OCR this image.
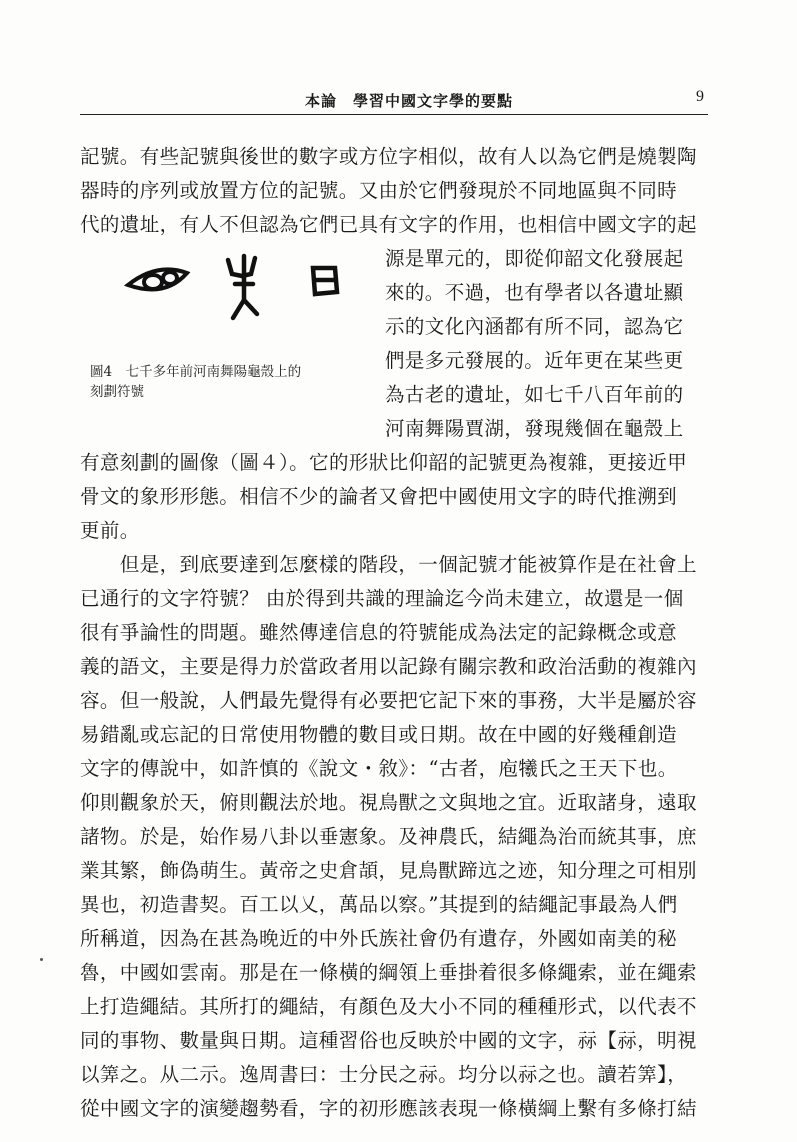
本論　學習中國文字學的要點	9
記號。有些記號與後世的數字或方位字相似，故有人以為它們是燒製陶
器時的序列或放置方位的記號。又由於它們發現於不同地區與不同時
代的遺址，有人不但認為它們已具有文字的作用，也相信中國文字的起
圖4　七千多年前河南舞陽龜殼上的
刻劃符號
源是單元的，即從仰韶文化發展起
來的。不過，也有學者以各遺址顯
示的文化內涵都有所不同，認為它
們是多元發展的。近年更在某些更
為古老的遺址，如七千八百年前的
河南舞陽賈湖，發現幾個在龜殼上
有意刻劃的圖像（圖４）。它的形狀比仰韶的記號更為複雜，更接近甲
骨文的象形形態。相信不少的論者又會把中國使用文字的時代推溯到
更前。
　　但是，到底要達到怎麼樣的階段，一個記號才能被算作是在社會上
已通行的文字符號？ 由於得到共識的理論迄今尚未建立，故還是一個
很有爭論性的問題。雖然傳達信息的符號能成為法定的記錄概念或意
義的語文，主要是得力於當政者用以記錄有關宗教和政治活動的複雜內
容。但一般說，人們最先覺得有必要把它記下來的事務，大半是屬於容
易錯亂或忘記的日常使用物體的數目或日期。故在中國的好幾種創造
文字的傳說中，如許慎的《說文・敘》：“古者，庖犧氏之王天下也。
仰則觀象於天，俯則觀法於地。視鳥獸之文與地之宜。近取諸身，遠取
諸物。於是，始作易八卦以垂憲象。及神農氏，結繩為治而統其事，庶
業其繁，飾偽萌生。黃帝之史倉頡，見鳥獸蹄迒之迹，知分理之可相別
異也，初造書契。百工以乂，萬品以察。”其提到的結繩記事最為人們
所稱道，因為在甚為晚近的中外氏族社會仍有遺存，外國如南美的秘
魯，中國如雲南。那是在一條橫的綱領上垂掛着很多條繩索，並在繩索
上打造繩結。其所打的繩結，有顏色及大小不同的種種形式，以代表不
同的事物、數量與日期。這種習俗也反映於中國的文字，祘【祘，明視
以筭之。从二示。逸周書曰：士分民之祘。均分以祘之也。讀若筭】，
從中國文字的演變趨勢看，字的初形應該表現一條橫綱上繫有多條打結
